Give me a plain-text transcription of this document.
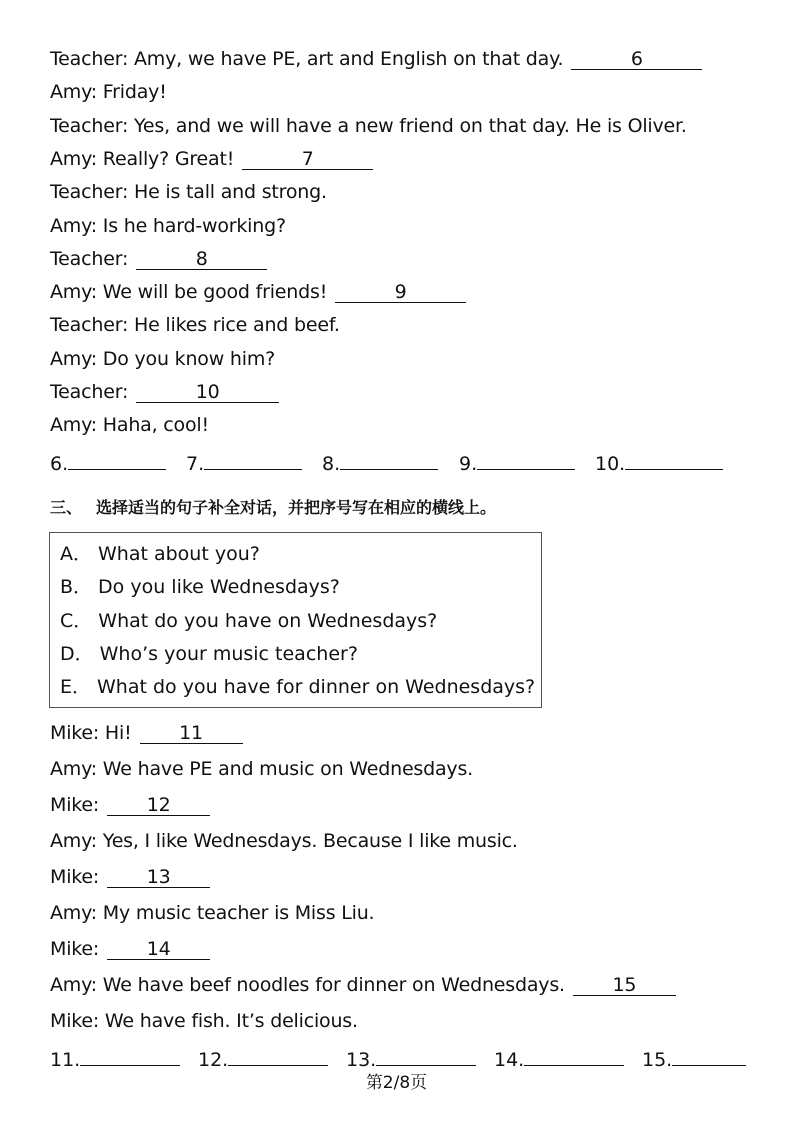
Teacher: Amy, we have PE, art and English on that day.	6
Amy: Friday!
Teacher: Yes, and we will have a new friend on that day. He is Oliver.
Amy: Really? Great!	7
Teacher: He is tall and strong.
Amy: Is he hard-working?
Teacher:	8
Amy: We will be good friends!	9
Teacher: He likes rice and beef.
Amy: Do you know him?
Teacher:	10
Amy: Haha, cool!
6.	7.	8.	9.	10.
三、 选择适当的句子补全对话，并把序号写在相应的横线上。
A． What about you?
B． Do you like Wednesdays?
C． What do you have on Wednesdays?
D． Who’s your music teacher?
E． What do you have for dinner on Wednesdays?
Mike: Hi!	11
Amy: We have PE and music on Wednesdays.
Mike:	12
Amy: Yes, I like Wednesdays. Because I like music.
Mike:	13
Amy: My music teacher is Miss Liu.
Mike:	14
Amy: We have beef noodles for dinner on Wednesdays.	15
Mike: We have fish. It’s delicious.
11.	12.	13.	14.	15.
第2/8页
